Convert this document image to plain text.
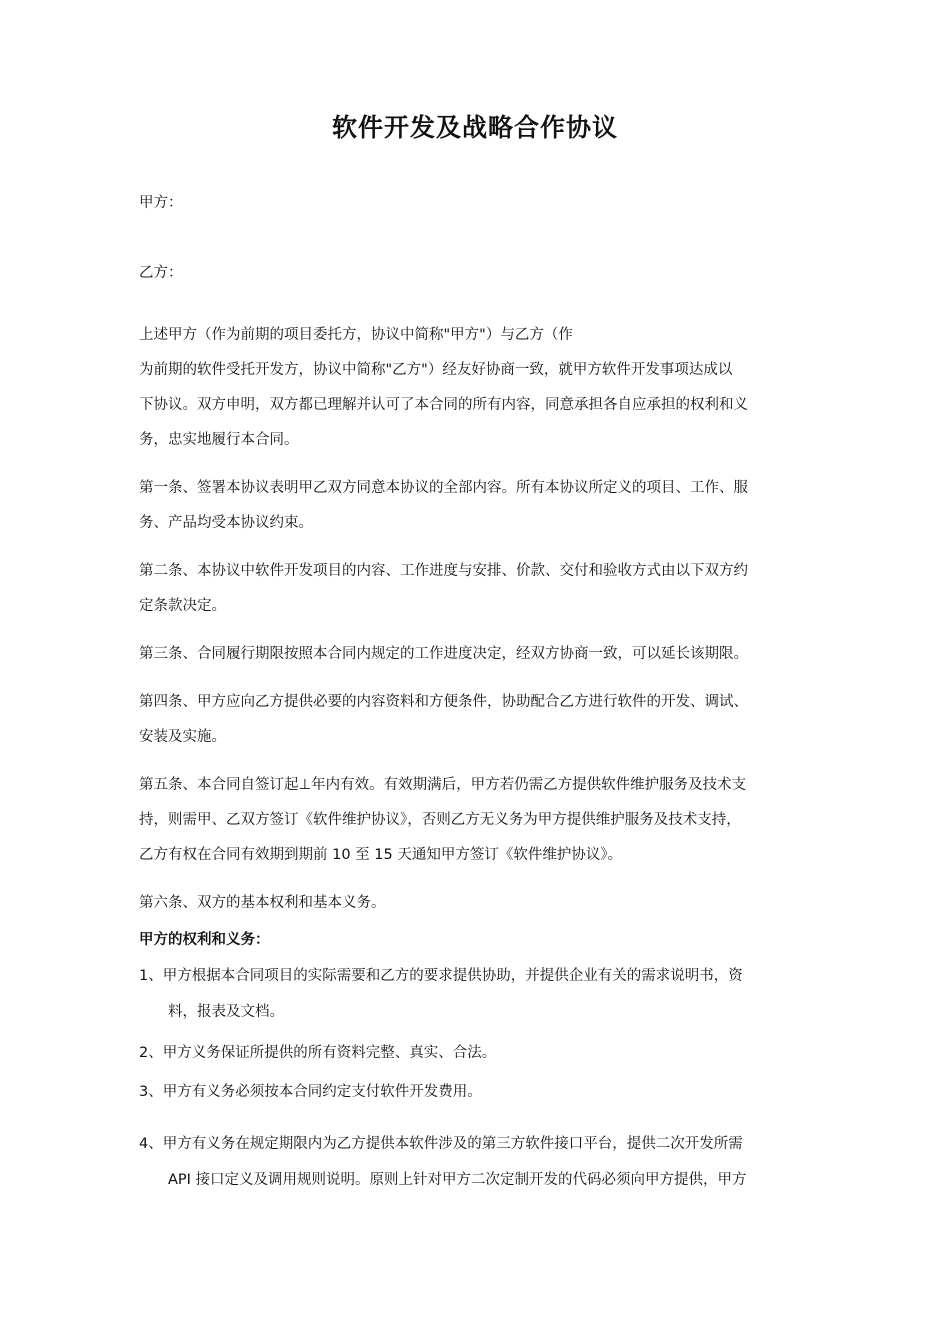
软件开发及战略合作协议
甲方：
乙方：
上述甲方（作为前期的项目委托方，协议中简称"甲方"）与乙方（作
为前期的软件受托开发方，协议中简称"乙方"）经友好协商一致，就甲方软件开发事项达成以
下协议。双方申明，双方都已理解并认可了本合同的所有内容，同意承担各自应承担的权利和义
务，忠实地履行本合同。
第一条、签署本协议表明甲乙双方同意本协议的全部内容。所有本协议所定义的项目、工作、服
务、产品均受本协议约束。
第二条、本协议中软件开发项目的内容、工作进度与安排、价款、交付和验收方式由以下双方约
定条款决定。
第三条、合同履行期限按照本合同内规定的工作进度决定，经双方协商一致，可以延长该期限。
第四条、甲方应向乙方提供必要的内容资料和方便条件，协助配合乙方进行软件的开发、调试、
安装及实施。
第五条、本合同自签订起⊥年内有效。有效期满后，甲方若仍需乙方提供软件维护服务及技术支
持，则需甲、乙双方签订《软件维护协议》，否则乙方无义务为甲方提供维护服务及技术支持，
乙方有权在合同有效期到期前 10 至 15 天通知甲方签订《软件维护协议》。
第六条、双方的基本权利和基本义务。
甲方的权利和义务：
1、甲方根据本合同项目的实际需要和乙方的要求提供协助，并提供企业有关的需求说明书，资
料，报表及文档。
2、甲方义务保证所提供的所有资料完整、真实、合法。
3、甲方有义务必须按本合同约定支付软件开发费用。
4、甲方有义务在规定期限内为乙方提供本软件涉及的第三方软件接口平台，提供二次开发所需
API 接口定义及调用规则说明。原则上针对甲方二次定制开发的代码必须向甲方提供，甲方
